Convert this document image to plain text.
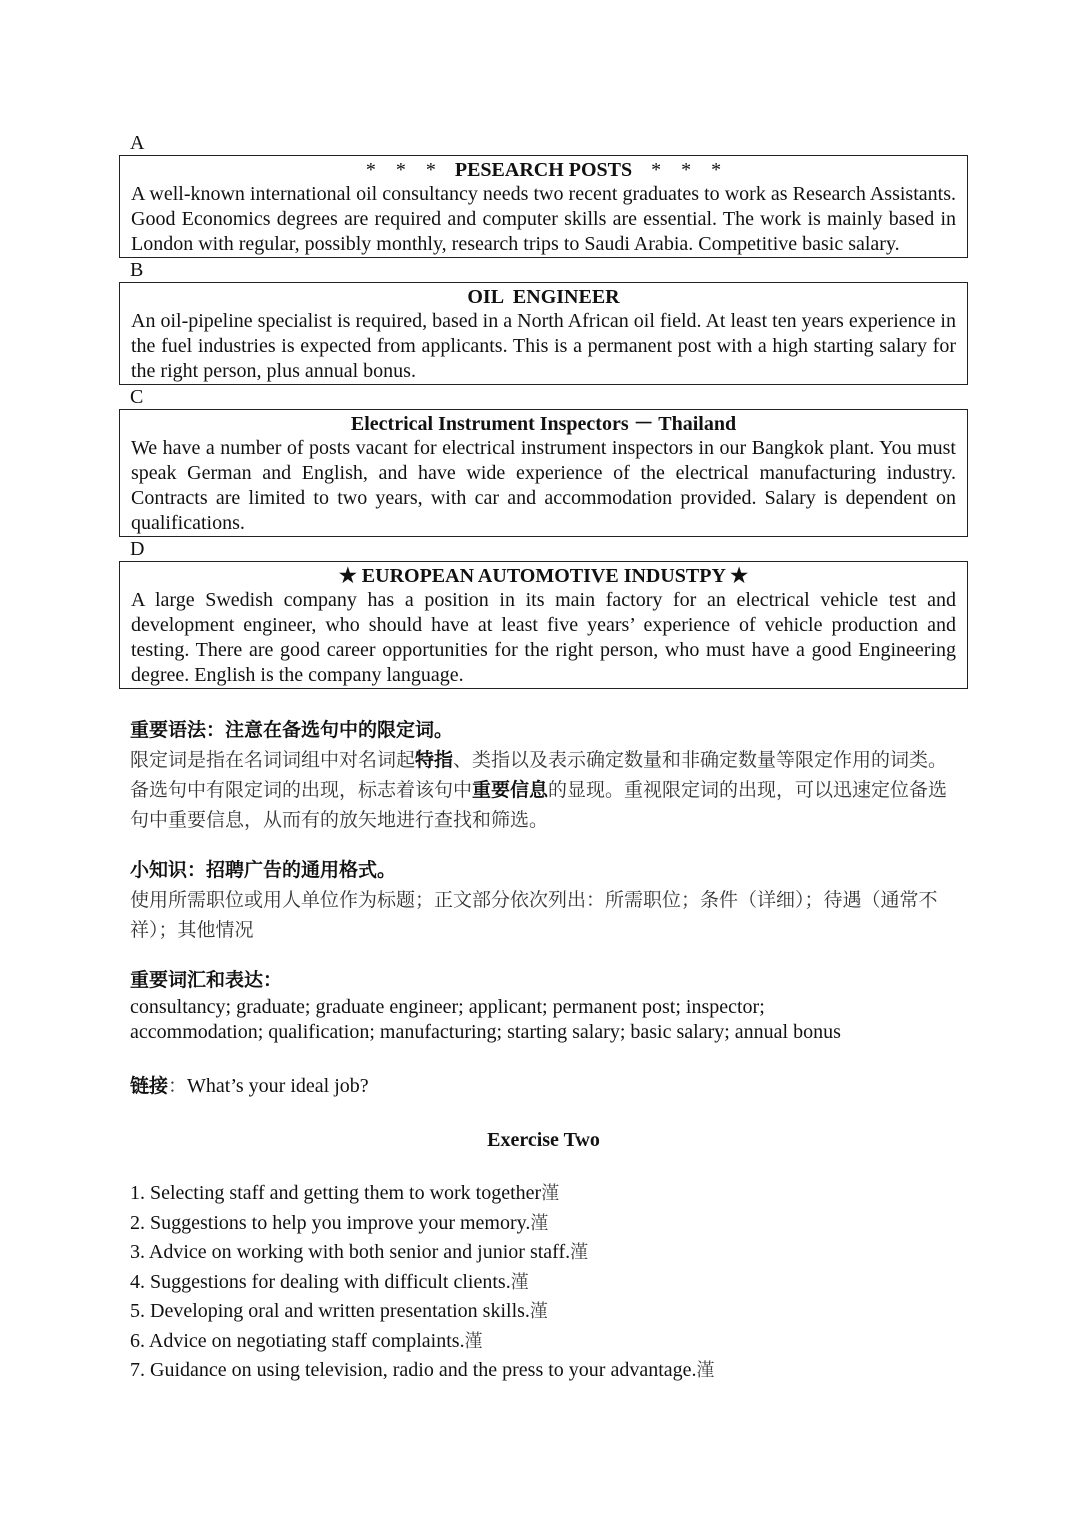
A
*    *    * PESEARCH POSTS *    *    *
A well-known international oil consultancy needs two recent graduates to work as Research Assistants. Good Economics degrees are required and computer skills are essential. The work is mainly based in London with regular, possibly monthly, research trips to Saudi Arabia. Competitive basic salary.
B
OIL  ENGINEER
An oil-pipeline specialist is required, based in a North African oil field. At least ten years experience in the fuel industries is expected from applicants. This is a permanent post with a high starting salary for the right person, plus annual bonus.
C
Electrical Instrument Inspectors － Thailand
We have a number of posts vacant for electrical instrument inspectors in our Bangkok plant. You must speak German and English, and have wide experience of the electrical manufacturing industry. Contracts are limited to two years, with car and accommodation provided. Salary is dependent on qualifications.
D
★ EUROPEAN AUTOMOTIVE INDUSTPY ★
A large Swedish company has a position in its main factory for an electrical vehicle test and development engineer, who should have at least five years’ experience of vehicle production and testing. There are good career opportunities for the right person, who must have a good Engineering degree. English is the company language.
重要语法：注意在备选句中的限定词。
限定词是指在名词词组中对名词起特指、类指以及表示确定数量和非确定数量等限定作用的词类。备选句中有限定词的出现，标志着该句中重要信息的显现。重视限定词的出现，可以迅速定位备选句中重要信息，从而有的放矢地进行查找和筛选。
小知识：招聘广告的通用格式。
使用所需职位或用人单位作为标题；正文部分依次列出：所需职位；条件（详细）；待遇（通常不祥）；其他情况
重要词汇和表达：
consultancy; graduate; graduate engineer; applicant; permanent post; inspector;
accommodation; qualification; manufacturing; starting salary; basic salary; annual bonus
链接：What’s your ideal job?
Exercise Two
1. Selecting staff and getting them to work together漌
2. Suggestions to help you improve your memory.漌
3. Advice on working with both senior and junior staff.漌
4. Suggestions for dealing with difficult clients.漌
5. Developing oral and written presentation skills.漌
6. Advice on negotiating staff complaints.漌
7. Guidance on using television, radio and the press to your advantage.漌
